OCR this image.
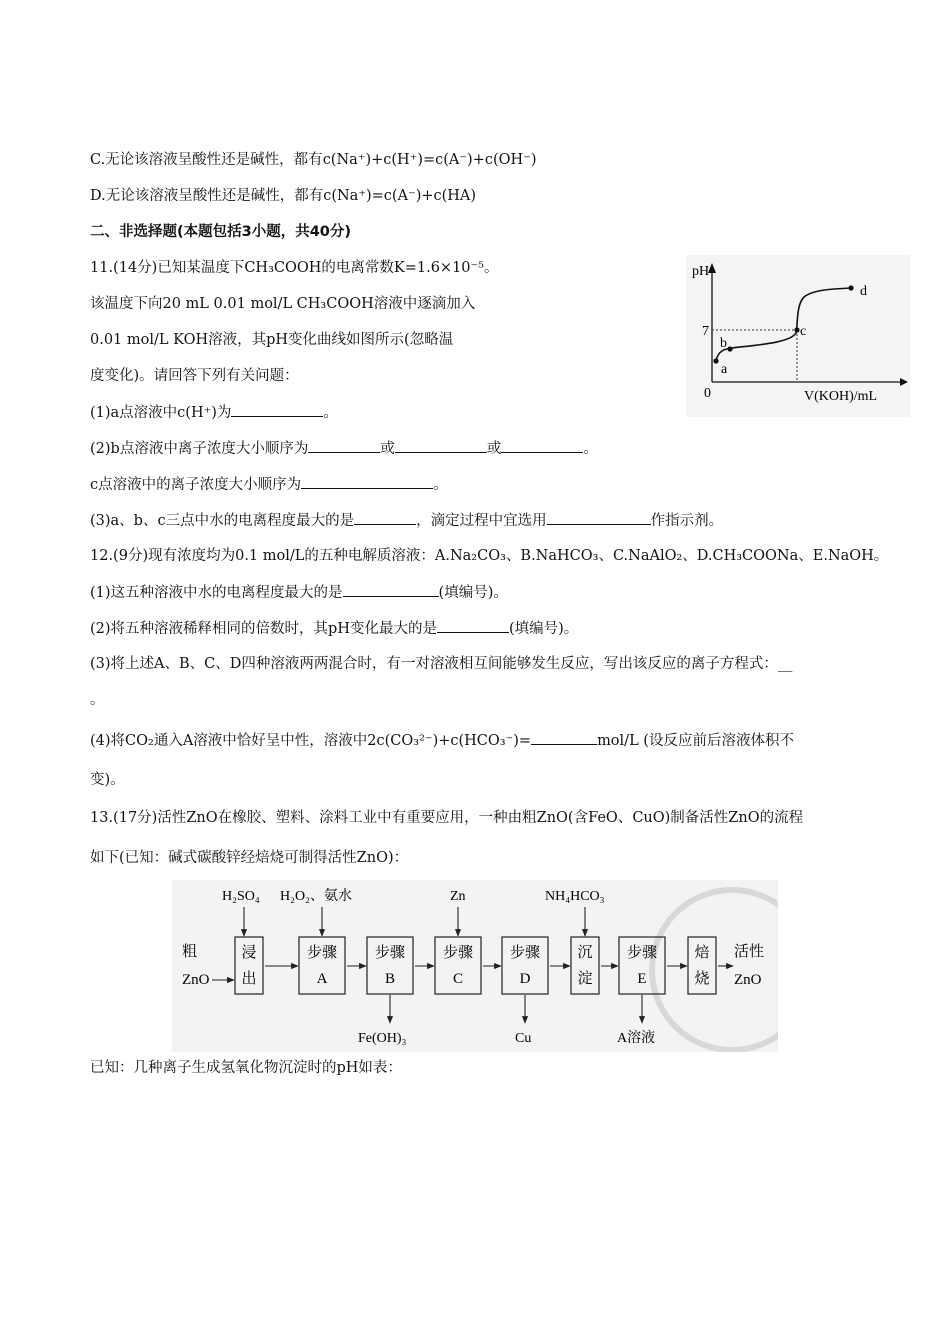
C.无论该溶液呈酸性还是碱性，都有c(Na⁺)+c(H⁺)=c(A⁻)+c(OH⁻)
D.无论该溶液呈酸性还是碱性，都有c(Na⁺)=c(A⁻)+c(HA)
二、非选择题(本题包括3小题，共40分)
11.(14分)已知某温度下CH₃COOH的电离常数K=1.6×10⁻⁵。
该温度下向20 mL 0.01 mol/L CH₃COOH溶液中逐滴加入
0.01 mol/L KOH溶液，其pH变化曲线如图所示(忽略温
度变化)。请回答下列有关问题：
(1)a点溶液中c(H⁺)为	。
(2)b点溶液中离子浓度大小顺序为	或	或	。
c点溶液中的离子浓度大小顺序为	。
(3)a、b、c三点中水的电离程度最大的是	，滴定过程中宜选用	作指示剂。
pH
V(KOH)/mL
0
7
a
b
c
d
12.(9分)现有浓度均为0.1 mol/L的五种电解质溶液：A.Na₂CO₃、B.NaHCO₃、C.NaAlO₂、D.CH₃COONa、E.NaOH。
(1)这五种溶液中水的电离程度最大的是	(填编号)。
(2)将五种溶液稀释相同的倍数时，其pH变化最大的是	(填编号)。
(3)将上述A、B、C、D四种溶液两两混合时，有一对溶液相互间能够发生反应，写出该反应的离子方程式：__
。
(4)将CO₂通入A溶液中恰好呈中性，溶液中2c(CO₃²⁻)+c(HCO₃⁻)=	mol/L (设反应前后溶液体积不
变)。
13.(17分)活性ZnO在橡胶、塑料、涂料工业中有重要应用，一种由粗ZnO(含FeO、CuO)制备活性ZnO的流程
如下(已知：碱式碳酸锌经焙烧可制得活性ZnO)：
粗
ZnO
活性
ZnO
浸
出
步骤
A
步骤
B
步骤
C
步骤
D
沉
淀
步骤
E
焙
烧
H₂SO₄ H₂O₂、氨水	Zn	NH₄HCO₃
Fe(OH)₃	Cu	A溶液
已知：几种离子生成氢氧化物沉淀时的pH如表：
